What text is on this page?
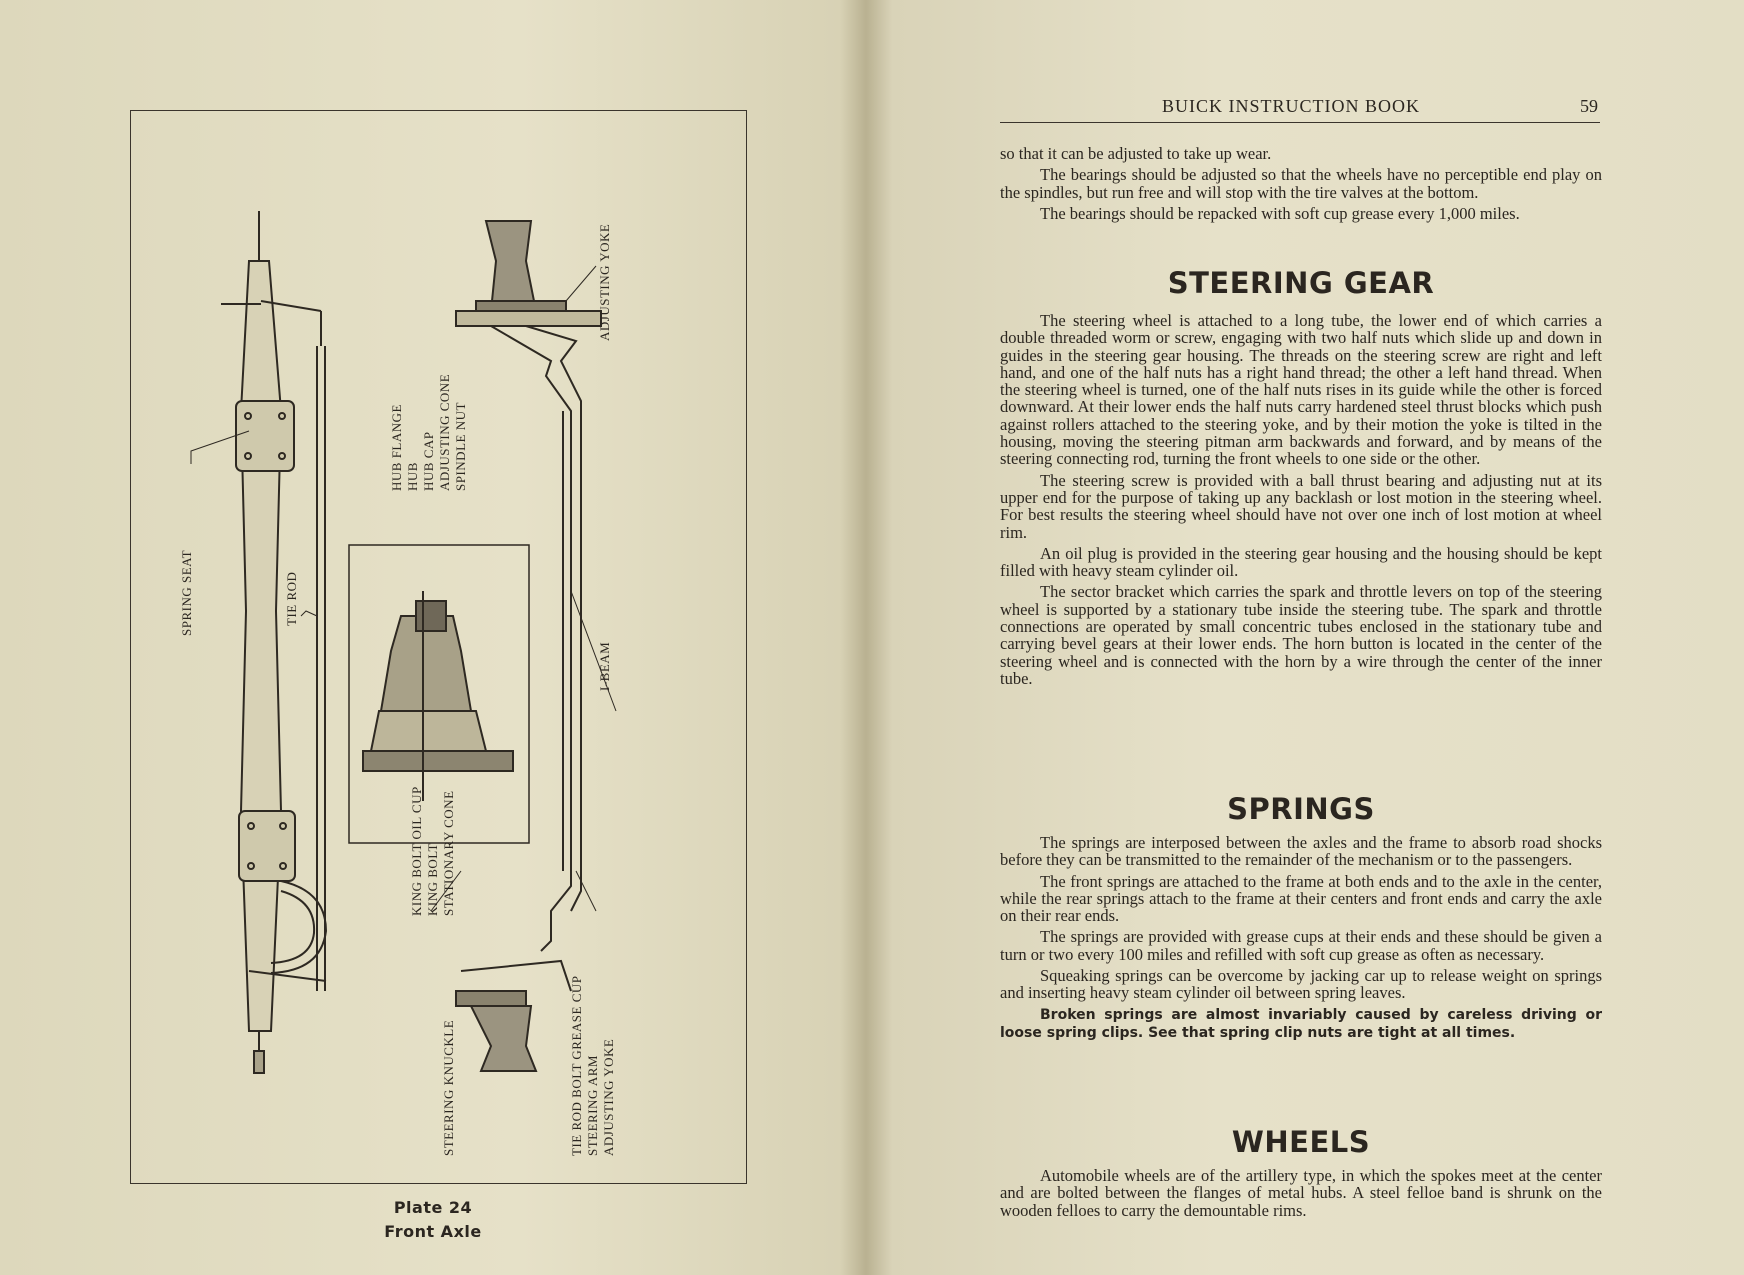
SPRING SEAT	TIE ROD
HUB FLANGE HUB HUB CAP ADJUSTING CONE SPINDLE NUT
KING BOLT OIL CUP KING BOLT STATIONARY CONE
ADJUSTING YOKE
I-BEAM
STEERING KNUCKLE	TIE ROD BOLT GREASE CUP STEERING ARM ADJUSTING YOKE
Plate 24
Front Axle
BUICK INSTRUCTION BOOK	59

so that it can be adjusted to take up wear.

The bearings should be adjusted so that the wheels have no perceptible end play on the spindles, but run free and will stop with the tire valves at the bottom.

The bearings should be repacked with soft cup grease every 1,000 miles.

STEERING GEAR

The steering wheel is attached to a long tube, the lower end of which carries a double threaded worm or screw, engaging with two half nuts which slide up and down in guides in the steering gear housing. The threads on the steering screw are right and left hand, and one of the half nuts has a right hand thread; the other a left hand thread. When the steering wheel is turned, one of the half nuts rises in its guide while the other is forced downward. At their lower ends the half nuts carry hardened steel thrust blocks which push against rollers attached to the steering yoke, and by their motion the yoke is tilted in the housing, moving the steering pitman arm backwards and forward, and by means of the steering connecting rod, turning the front wheels to one side or the other.

The steering screw is provided with a ball thrust bearing and adjusting nut at its upper end for the purpose of taking up any backlash or lost motion in the steering wheel. For best results the steering wheel should have not over one inch of lost motion at wheel rim.

An oil plug is provided in the steering gear housing and the housing should be kept filled with heavy steam cylinder oil.

The sector bracket which carries the spark and throttle levers on top of the steering wheel is supported by a stationary tube inside the steering tube. The spark and throttle connections are operated by small concentric tubes enclosed in the stationary tube and carrying bevel gears at their lower ends. The horn button is located in the center of the steering wheel and is connected with the horn by a wire through the center of the inner tube.

SPRINGS

The springs are interposed between the axles and the frame to absorb road shocks before they can be transmitted to the remainder of the mechanism or to the passengers.

The front springs are attached to the frame at both ends and to the axle in the center, while the rear springs attach to the frame at their centers and front ends and carry the axle on their rear ends.

The springs are provided with grease cups at their ends and these should be given a turn or two every 100 miles and refilled with soft cup grease as often as necessary.

Squeaking springs can be overcome by jacking car up to release weight on springs and inserting heavy steam cylinder oil between spring leaves.

Broken springs are almost invariably caused by careless driving or loose spring clips. See that spring clip nuts are tight at all times.

WHEELS

Automobile wheels are of the artillery type, in which the spokes meet at the center and are bolted between the flanges of metal hubs. A steel felloe band is shrunk on the wooden felloes to carry the demountable rims.
